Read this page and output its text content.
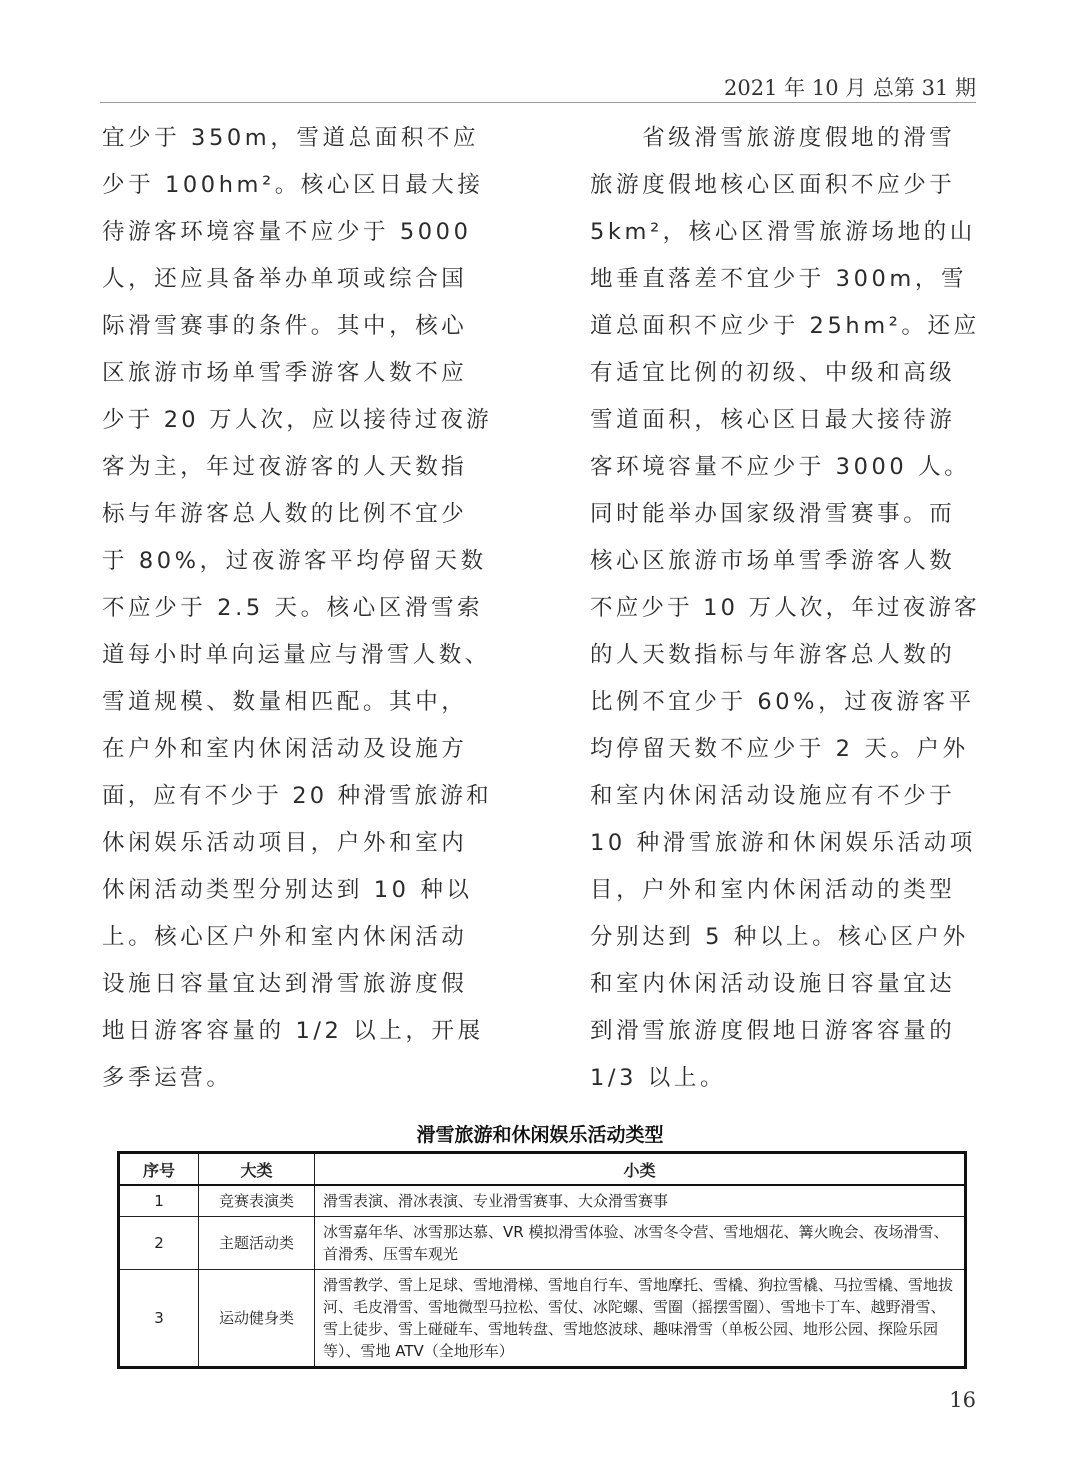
2021 年 10 月 总第 31 期
宜少于 350m，雪道总面积不应
少于 100hm²。核心区日最大接
待游客环境容量不应少于 5000
人，还应具备举办单项或综合国
际滑雪赛事的条件。其中，核心
区旅游市场单雪季游客人数不应
少于 20 万人次，应以接待过夜游
客为主，年过夜游客的人天数指
标与年游客总人数的比例不宜少
于 80%，过夜游客平均停留天数
不应少于 2.5 天。核心区滑雪索
道每小时单向运量应与滑雪人数、
雪道规模、数量相匹配。其中，
在户外和室内休闲活动及设施方
面，应有不少于 20 种滑雪旅游和
休闲娱乐活动项目，户外和室内
休闲活动类型分别达到 10 种以
上。核心区户外和室内休闲活动
设施日容量宜达到滑雪旅游度假
地日游客容量的 1/2 以上，开展
多季运营。
　　省级滑雪旅游度假地的滑雪
旅游度假地核心区面积不应少于
5km²，核心区滑雪旅游场地的山
地垂直落差不宜少于 300m，雪
道总面积不应少于 25hm²。还应
有适宜比例的初级、中级和高级
雪道面积，核心区日最大接待游
客环境容量不应少于 3000 人。
同时能举办国家级滑雪赛事。而
核心区旅游市场单雪季游客人数
不应少于 10 万人次，年过夜游客
的人天数指标与年游客总人数的
比例不宜少于 60%，过夜游客平
均停留天数不应少于 2 天。户外
和室内休闲活动设施应有不少于
10 种滑雪旅游和休闲娱乐活动项
目，户外和室内休闲活动的类型
分别达到 5 种以上。核心区户外
和室内休闲活动设施日容量宜达
到滑雪旅游度假地日游客容量的
1/3 以上。
滑雪旅游和休闲娱乐活动类型
序号	大类	小类
1	竞赛表演类	滑雪表演、滑冰表演、专业滑雪赛事、大众滑雪赛事
2	主题活动类	冰雪嘉年华、冰雪那达慕、VR 模拟滑雪体验、冰雪冬令营、雪地烟花、篝火晚会、夜场滑雪、首滑秀、压雪车观光
3	运动健身类	滑雪教学、雪上足球、雪地滑梯、雪地自行车、雪地摩托、雪橇、狗拉雪橇、马拉雪橇、雪地拔河、毛皮滑雪、雪地微型马拉松、雪仗、冰陀螺、雪圈（摇摆雪圈）、雪地卡丁车、越野滑雪、雪上徒步、雪上碰碰车、雪地转盘、雪地悠波球、趣味滑雪（单板公园、地形公园、探险乐园等）、雪地 ATV（全地形车）
16
